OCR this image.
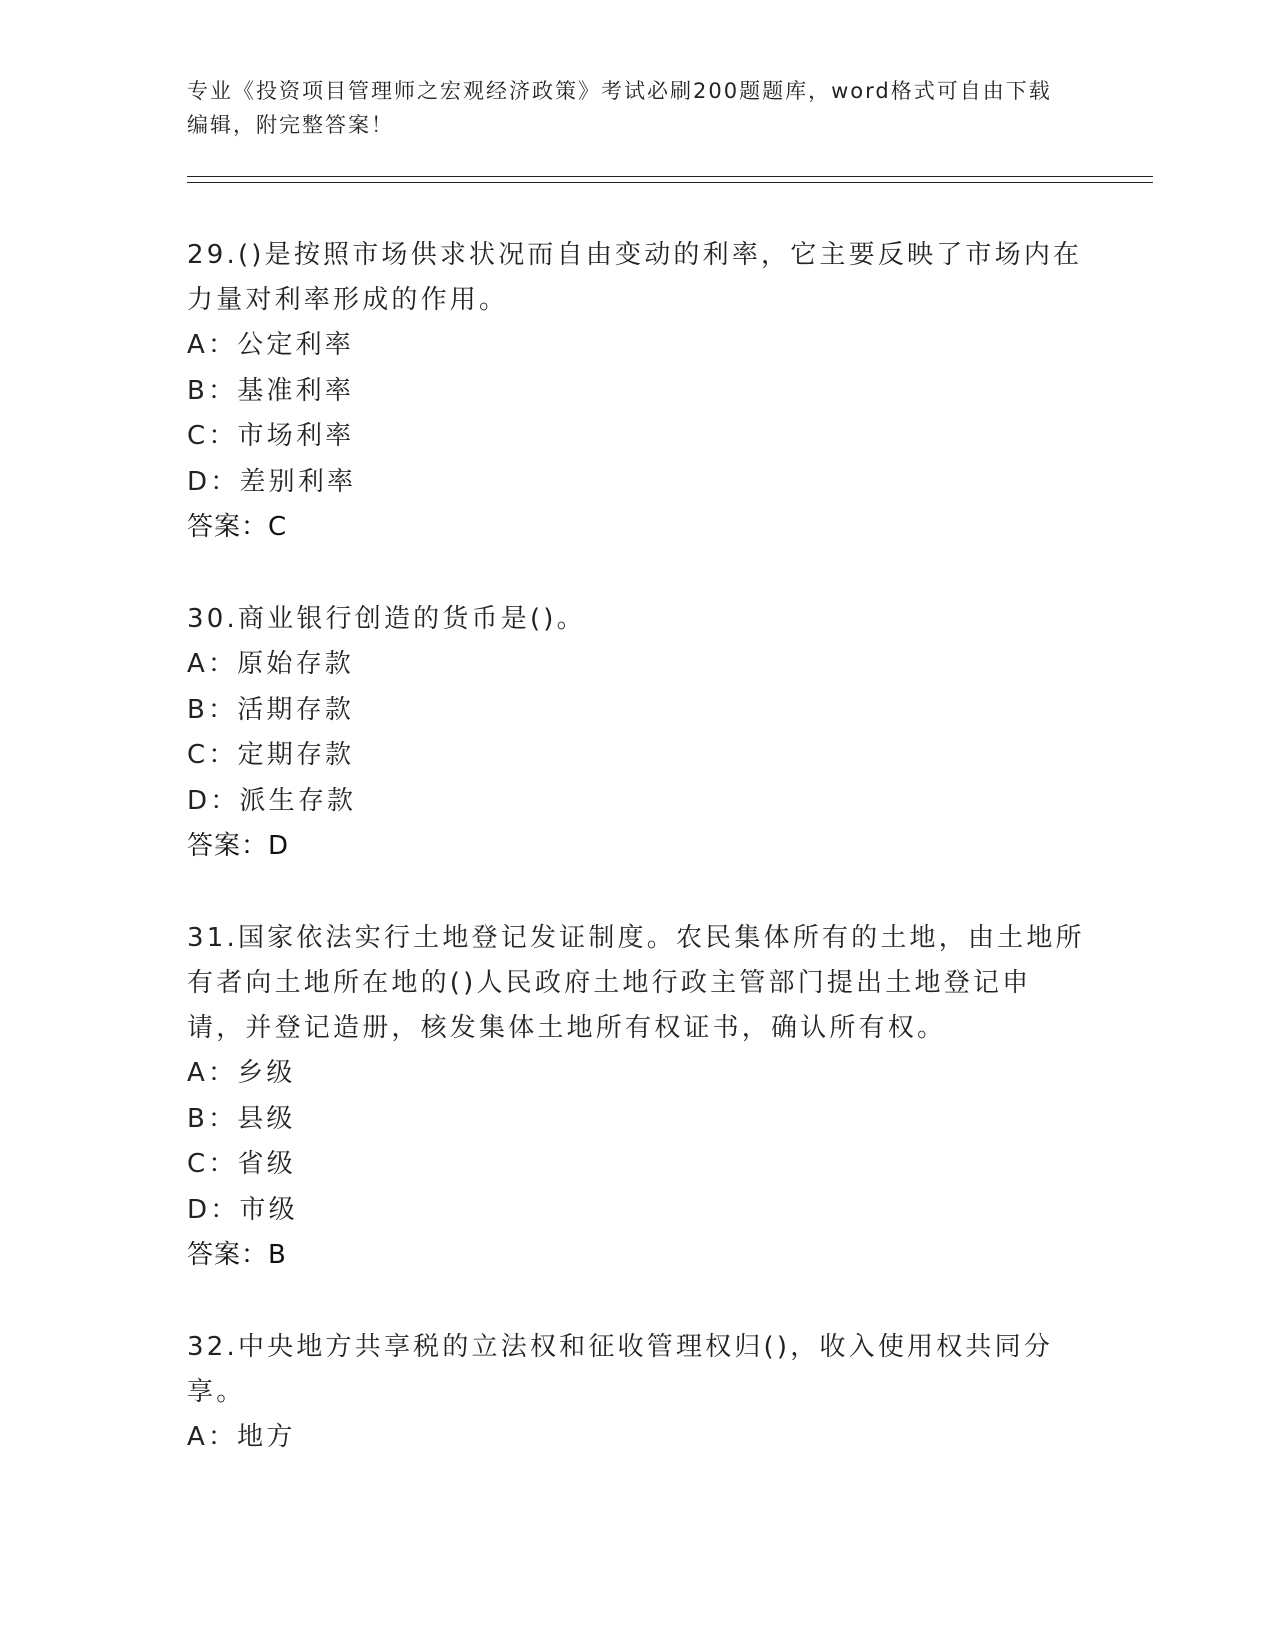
专业《投资项目管理师之宏观经济政策》考试必刷200题题库，word格式可自由下载编辑，附完整答案！

29.()是按照市场供求状况而自由变动的利率，它主要反映了市场内在力量对利率形成的作用。

A：公定利率

B：基准利率

C：市场利率

D：差别利率

答案：C

30.商业银行创造的货币是()。

A：原始存款

B：活期存款

C：定期存款

D：派生存款

答案：D

31.国家依法实行土地登记发证制度。农民集体所有的土地，由土地所有者向土地所在地的()人民政府土地行政主管部门提出土地登记申请，并登记造册，核发集体土地所有权证书，确认所有权。

A：乡级

B：县级

C：省级

D：市级

答案：B

32.中央地方共享税的立法权和征收管理权归()，收入使用权共同分享。

A：地方
